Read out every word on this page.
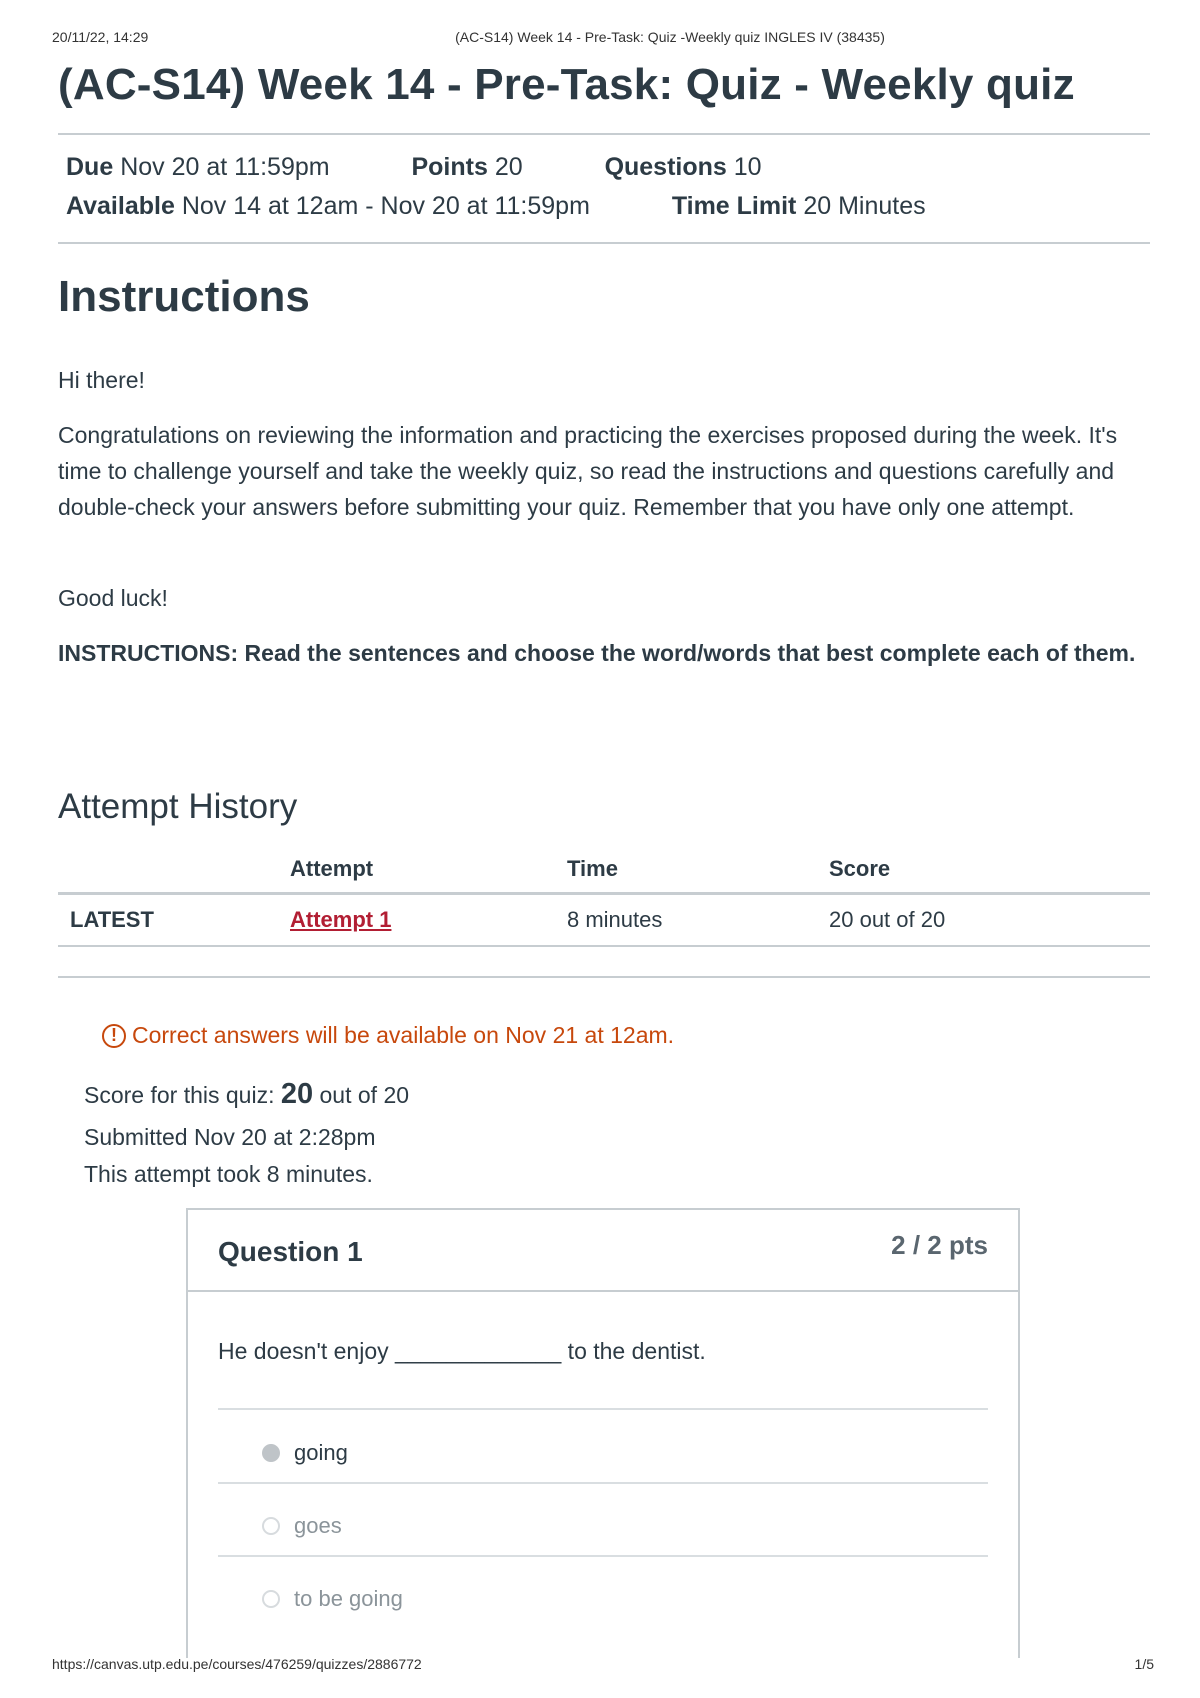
20/11/22, 14:29	(AC-S14) Week 14 - Pre-Task: Quiz -Weekly quiz INGLES IV (38435)
(AC-S14) Week 14 - Pre-Task: Quiz - Weekly quiz
Due Nov 20 at 11:59pm	Points 20	Questions 10
Available Nov 14 at 12am - Nov 20 at 11:59pm	Time Limit 20 Minutes
Instructions

Hi there!

Congratulations on reviewing the information and practicing the exercises proposed during the week. It's time to challenge yourself and take the weekly quiz, so read the instructions and questions carefully and double-check your answers before submitting your quiz. Remember that you have only one attempt.

Good luck!

INSTRUCTIONS: Read the sentences and choose the word/words that best complete each of them.

Attempt History
	Attempt	Time	Score
LATEST	Attempt 1	8 minutes	20 out of 20
! Correct answers will be available on Nov 21 at 12am.
Score for this quiz: 20 out of 20
Submitted Nov 20 at 2:28pm
This attempt took 8 minutes.
Question 1	2 / 2 pts
He doesn't enjoy _____________ to the dentist.
going
goes
to be going
https://canvas.utp.edu.pe/courses/476259/quizzes/2886772	1/5
